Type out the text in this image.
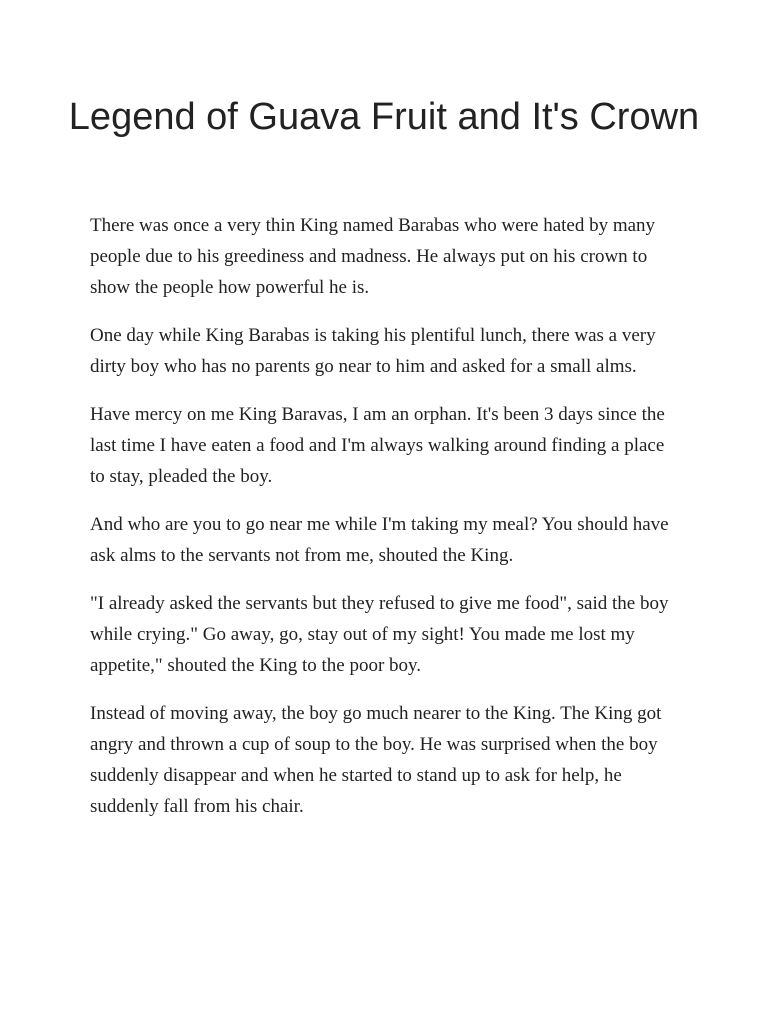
Legend of Guava Fruit and It's Crown

There was once a very thin King named Barabas who were hated by many people due to his greediness and madness. He always put on his crown to show the people how powerful he is.

One day while King Barabas is taking his plentiful lunch, there was a very dirty boy who has no parents go near to him and asked for a small alms.

Have mercy on me King Baravas, I am an orphan. It's been 3 days since the last time I have eaten a food and I'm always walking around finding a place to stay, pleaded the boy.

And who are you to go near me while I'm taking my meal? You should have ask alms to the servants not from me, shouted the King.

"I already asked the servants but they refused to give me food", said the boy while crying." Go away, go, stay out of my sight! You made me lost my appetite," shouted the King to the poor boy.

Instead of moving away, the boy go much nearer to the King. The King got angry and thrown a cup of soup to the boy. He was surprised when the boy suddenly disappear and when he started to stand up to ask for help, he suddenly fall from his chair.
